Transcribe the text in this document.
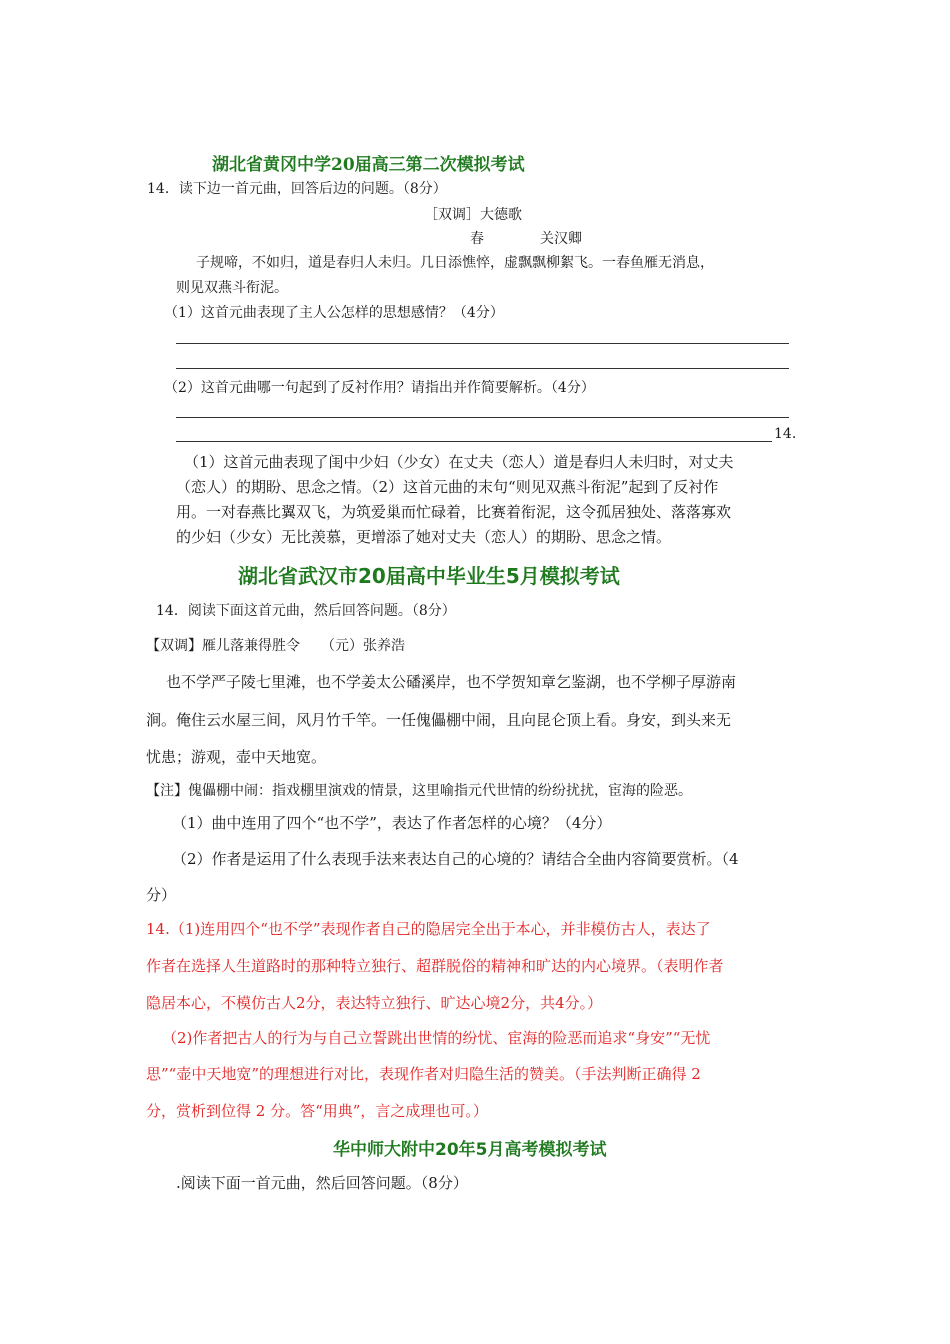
湖北省黄冈中学20届高三第二次模拟考试
14．读下边一首元曲，回答后边的问题。（8分）
［双调］大德歌
春　　　　关汉卿
子规啼，不如归，道是春归人未归。几日添憔悴，虚飘飘柳絮飞。一春鱼雁无消息，
则见双燕斗衔泥。
（1）这首元曲表现了主人公怎样的思想感情？（4分）
（2）这首元曲哪一句起到了反衬作用？请指出并作简要解析。（4分）
14.
（1）这首元曲表现了闺中少妇（少女）在丈夫（恋人）道是春归人未归时，对丈夫
（恋人）的期盼、思念之情。（2）这首元曲的末句“则见双燕斗衔泥”起到了反衬作
用。一对春燕比翼双飞，为筑爱巢而忙碌着，比赛着衔泥，这令孤居独处、落落寡欢
的少妇（少女）无比羡慕，更增添了她对丈夫（恋人）的期盼、思念之情。
湖北省武汉市20届高中毕业生5月模拟考试
14．阅读下面这首元曲，然后回答问题。（8分）
【双调】雁儿落兼得胜令　　（元）张养浩
也不学严子陵七里滩，也不学姜太公磻溪岸，也不学贺知章乞鉴湖，也不学柳子厚游南
涧。俺住云水屋三间，风月竹千竿。一任傀儡棚中闹，且向昆仑顶上看。身安，到头来无
忧患；游观，壶中天地宽。
【注】傀儡棚中闹：指戏棚里演戏的情景，这里喻指元代世情的纷纷扰扰，宦海的险恶。
（1）曲中连用了四个“也不学”，表达了作者怎样的心境？（4分）
（2）作者是运用了什么表现手法来表达自己的心境的？请结合全曲内容简要赏析。（4
分）
14.（1)连用四个“也不学”表现作者自己的隐居完全出于本心，并非模仿古人，表达了
作者在选择人生道路时的那种特立独行、超群脱俗的精神和旷达的内心境界。（表明作者
隐居本心，不模仿古人2分，表达特立独行、旷达心境2分，共4分。）
（2)作者把古人的行为与自己立誓跳出世情的纷忧、宦海的险恶而追求“身安”“无忧
思”“壶中天地宽”的理想进行对比，表现作者对归隐生活的赞美。（手法判断正确得 2
分，赏析到位得 2 分。答“用典”，言之成理也可。）
华中师大附中20年5月高考模拟考试
.阅读下面一首元曲，然后回答问题。（8分）
